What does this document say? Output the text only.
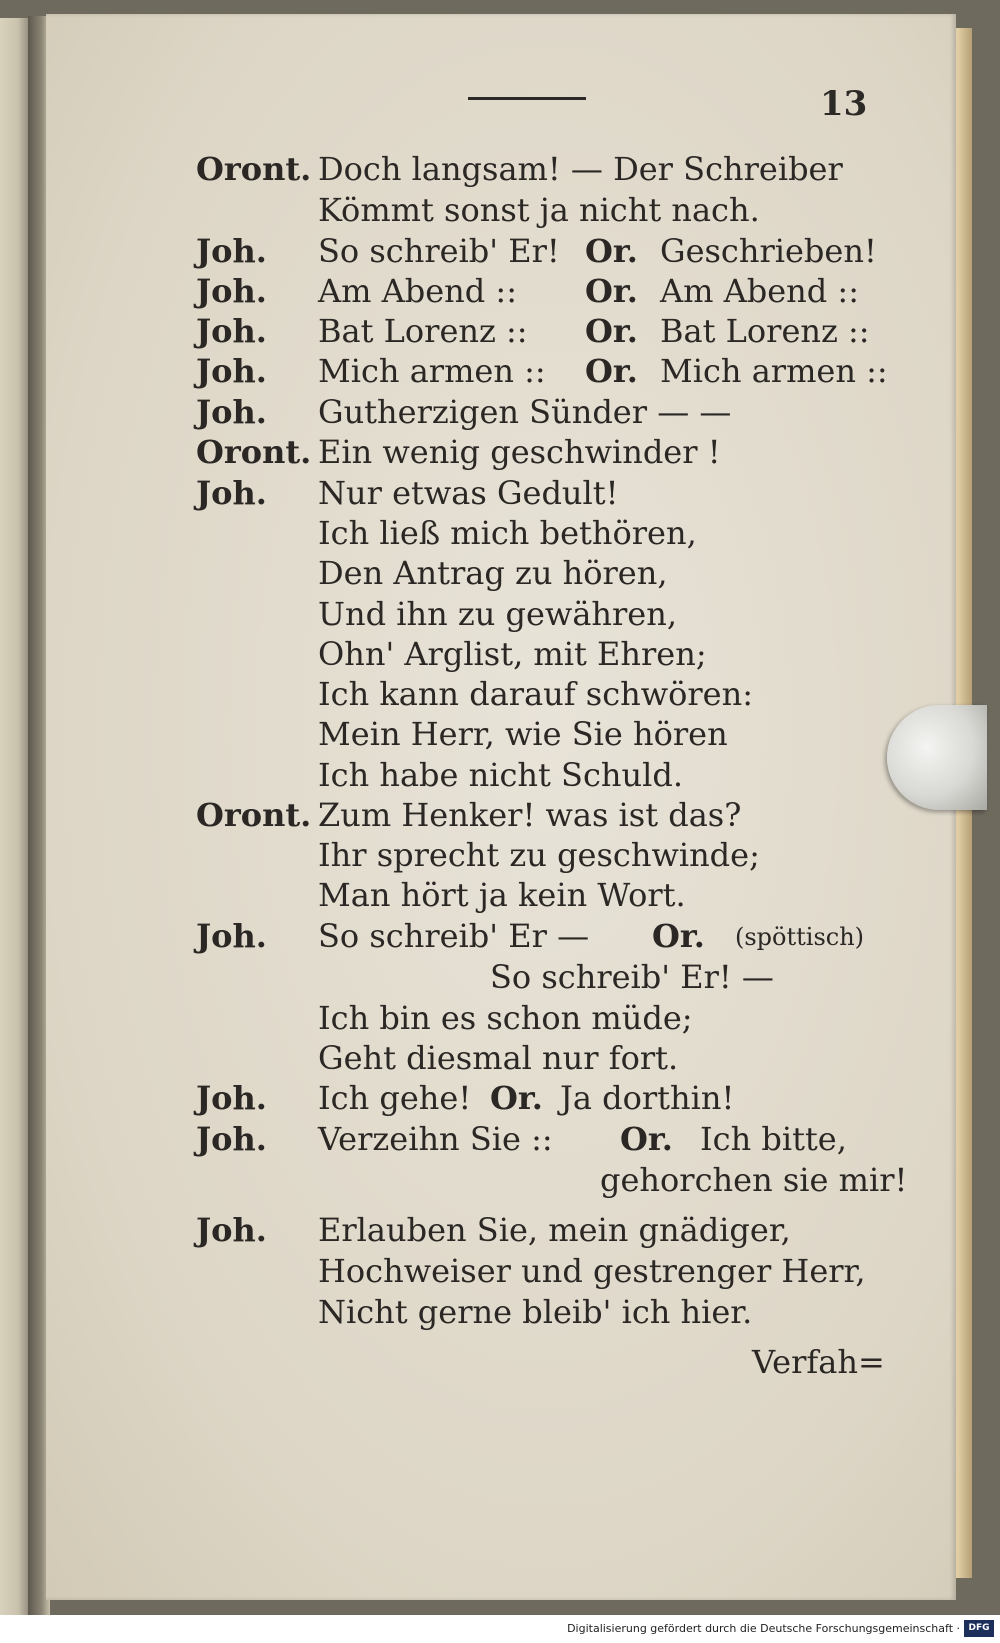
13
Oront. Doch langsam! — Der Schreiber
Kömmt sonst ja nicht nach.
Joh. So schreib' Er! Or. Geschrieben!
Joh. Am Abend :: Or. Am Abend ::
Joh. Bat Lorenz :: Or. Bat Lorenz ::
Joh. Mich armen :: Or. Mich armen ::
Joh. Gutherzigen Sünder — —
Oront. Ein wenig geschwinder !
Joh. Nur etwas Gedult!
Ich ließ mich bethören,
Den Antrag zu hören,
Und ihn zu gewähren,
Ohn' Arglist, mit Ehren;
Ich kann darauf schwören:
Mein Herr, wie Sie hören
Ich habe nicht Schuld.
Oront. Zum Henker! was ist das?
Ihr sprecht zu geschwinde;
Man hört ja kein Wort.
Joh. So schreib' Er — Or. (spöttisch)
So schreib' Er! —
Ich bin es schon müde;
Geht diesmal nur fort.
Joh. Ich gehe! Or. Ja dorthin!
Joh. Verzeihn Sie :: Or. Ich bitte,
gehorchen sie mir!
Joh. Erlauben Sie, mein gnädiger,
Hochweiser und gestrenger Herr,
Nicht gerne bleib' ich hier.
Verfah=
Digitalisierung gefördert durch die Deutsche Forschungsgemeinschaft · DFG
